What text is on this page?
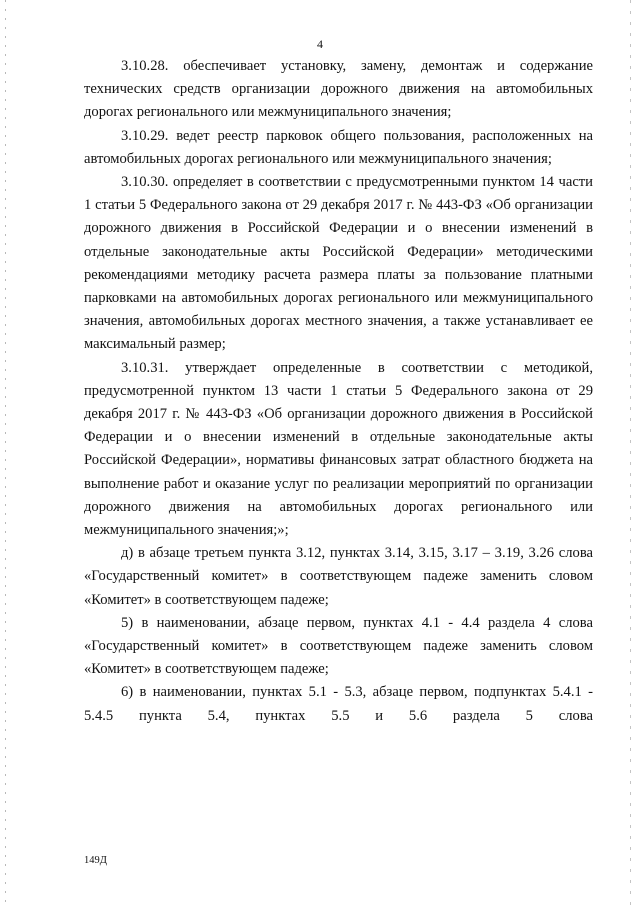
4

3.10.28. обеспечивает установку, замену, демонтаж и содержание технических средств организации дорожного движения на автомобильных дорогах регионального или межмуниципального значения;

3.10.29. ведет реестр парковок общего пользования, расположенных на автомобильных дорогах регионального или межмуниципального значения;

3.10.30. определяет в соответствии с предусмотренными пунктом 14 части 1 статьи 5 Федерального закона от 29 декабря 2017 г. № 443-ФЗ «Об организации дорожного движения в Российской Федерации и о внесении изменений в отдельные законодательные акты Российской Федерации» методическими рекомендациями методику расчета размера платы за пользование платными парковками на автомобильных дорогах регионального или межмуниципального значения, автомобильных дорогах местного значения, а также устанавливает ее максимальный размер;

3.10.31. утверждает определенные в соответствии с методикой, предусмотренной пунктом 13 части 1 статьи 5 Федерального закона от 29 декабря 2017 г. № 443-ФЗ «Об организации дорожного движения в Российской Федерации и о внесении изменений в отдельные законодательные акты Российской Федерации», нормативы финансовых затрат областного бюджета на выполнение работ и оказание услуг по реализации мероприятий по организации дорожного движения на автомобильных дорогах регионального или межмуниципального значения;»;

д) в абзаце третьем пункта 3.12, пунктах 3.14, 3.15, 3.17 – 3.19, 3.26 слова «Государственный комитет» в соответствующем падеже заменить словом «Комитет» в соответствующем падеже;

5) в наименовании, абзаце первом, пунктах 4.1 - 4.4 раздела 4 слова «Государственный комитет» в соответствующем падеже заменить словом «Комитет» в соответствующем падеже;

6) в наименовании, пунктах 5.1 - 5.3, абзаце первом, подпунктах 5.4.1 - 5.4.5 пункта 5.4, пунктах 5.5 и 5.6 раздела 5 слова

149Д
